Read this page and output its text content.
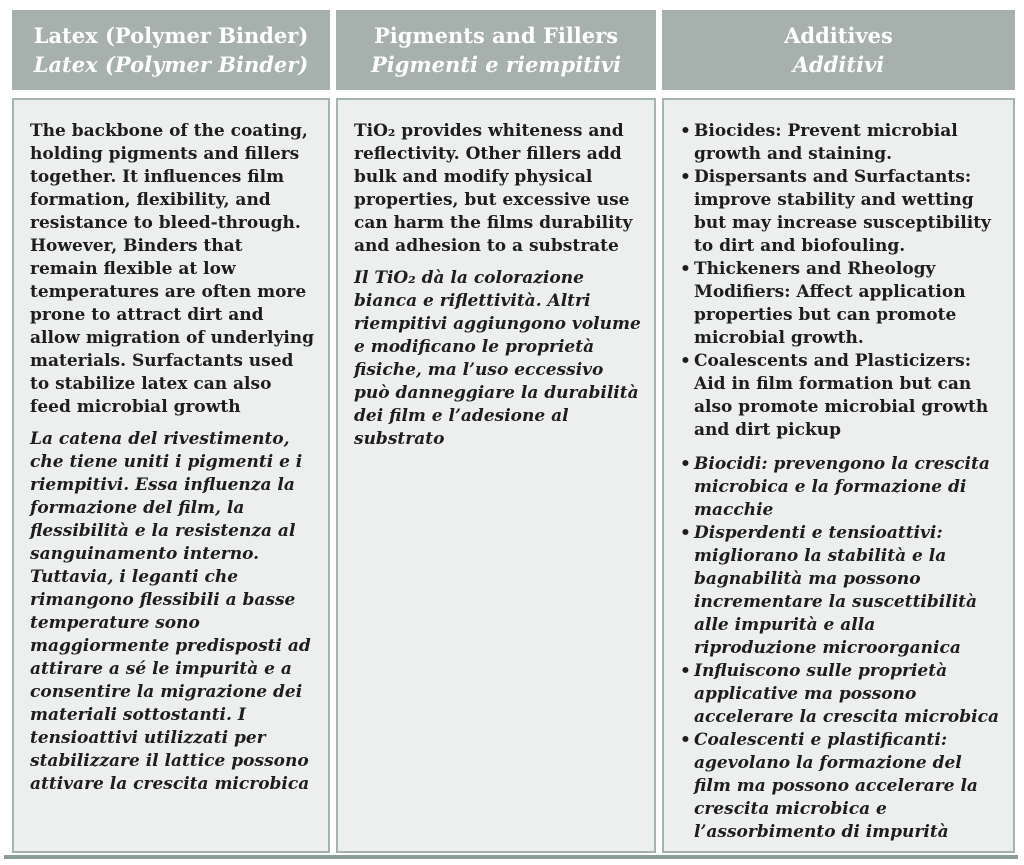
Latex (Polymer Binder)
Latex (Polymer Binder)
Pigments and Fillers
Pigmenti e riempitivi
Additives
Additivi

The backbone of the coating, holding pigments and fillers together. It influences film formation, flexibility, and resistance to bleed-through. However, Binders that remain flexible at low temperatures are often more prone to attract dirt and allow migration of underlying materials. Surfactants used to stabilize latex can also feed microbial growth

La catena del rivestimento, che tiene uniti i pigmenti e i riempitivi. Essa influenza la formazione del film, la flessibilità e la resistenza al sanguinamento interno. Tuttavia, i leganti che rimangono flessibili a basse temperature sono maggiormente predisposti ad attirare a sé le impurità e a consentire la migrazione dei materiali sottostanti. I tensioattivi utilizzati per stabilizzare il lattice possono attivare la crescita microbica

TiO₂ provides whiteness and reflectivity. Other fillers add bulk and modify physical properties, but excessive use can harm the films durability and adhesion to a substrate

Il TiO₂ dà la colorazione bianca e riflettività. Altri riempitivi aggiungono volume e modificano le proprietà fisiche, ma l’uso eccessivo può danneggiare la durabilità dei film e l’adesione al substrato

• Biocides: Prevent microbial growth and staining.
• Dispersants and Surfactants: improve stability and wetting but may increase susceptibility to dirt and biofouling.
• Thickeners and Rheology Modifiers: Affect application properties but can promote microbial growth.
• Coalescents and Plasticizers: Aid in film formation but can also promote microbial growth and dirt pickup
• Biocidi: prevengono la crescita microbica e la formazione di macchie
• Disperdenti e tensioattivi: migliorano la stabilità e la bagnabilità ma possono incrementare la suscettibilità alle impurità e alla riproduzione microorganica
• Influiscono sulle proprietà applicative ma possono accelerare la crescita microbica
• Coalescenti e plastificanti: agevolano la formazione del film ma possono accelerare la crescita microbica e l’assorbimento di impurità
